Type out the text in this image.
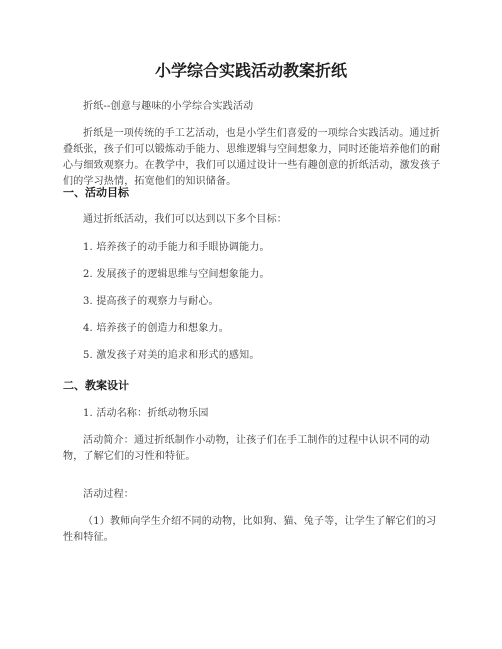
小学综合实践活动教案折纸

折纸--创意与趣味的小学综合实践活动

折纸是一项传统的手工艺活动，也是小学生们喜爱的一项综合实践活动。通过折叠纸张，孩子们可以锻炼动手能力、思维逻辑与空间想象力，同时还能培养他们的耐心与细致观察力。在教学中，我们可以通过设计一些有趣创意的折纸活动，激发孩子们的学习热情，拓宽他们的知识储备。

一、活动目标

通过折纸活动，我们可以达到以下多个目标：

1. 培养孩子的动手能力和手眼协调能力。

2. 发展孩子的逻辑思维与空间想象能力。

3. 提高孩子的观察力与耐心。

4. 培养孩子的创造力和想象力。

5. 激发孩子对美的追求和形式的感知。

二、教案设计

1. 活动名称：折纸动物乐园

活动简介：通过折纸制作小动物，让孩子们在手工制作的过程中认识不同的动物，了解它们的习性和特征。

活动过程：

（1）教师向学生介绍不同的动物，比如狗、猫、兔子等，让学生了解它们的习性和特征。
